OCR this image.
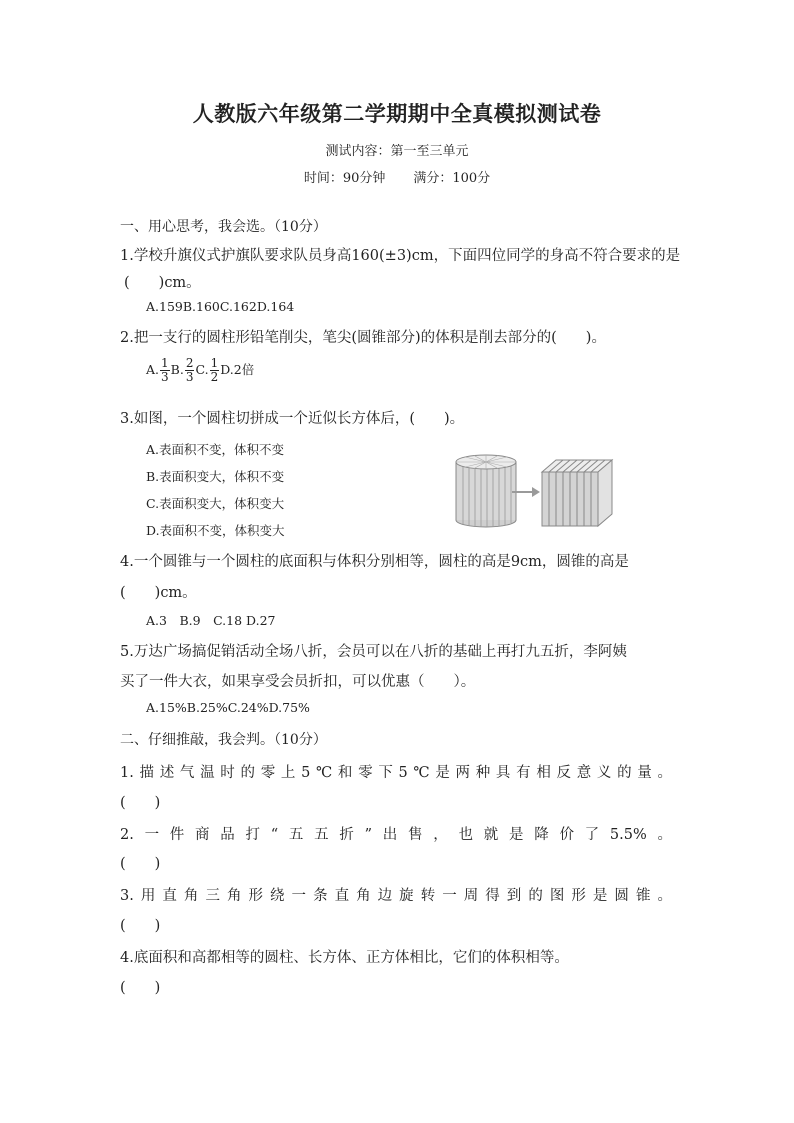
人教版六年级第二学期期中全真模拟测试卷
测试内容：第一至三单元
时间：90分钟 满分：100分
一、用心思考，我会选。（10分）
1.学校升旗仪式护旗队要求队员身高160(±3)cm，下面四位同学的身高不符合要求的是
(　　)cm。
A.159B.160C.162D.164
2.把一支行的圆柱形铅笔削尖，笔尖(圆锥部分)的体积是削去部分的(　　)。
A. $\frac{1}{3} B$. $\frac{2}{3} C$. $\frac{1}{2} D.2$倍
3.如图，一个圆柱切拼成一个近似长方体后，(　　)。
A.表面积不变，体积不变
B.表面积变大，体积不变
C.表面积变大，体积变大
D.表面积不变，体积变大
4.一个圆锥与一个圆柱的底面积与体积分别相等，圆柱的高是9cm，圆锥的高是
(　　)cm。
A.3　B.9　C.18 D.27
5.万达广场搞促销活动全场八折，会员可以在八折的基础上再打九五折，李阿姨
买了一件大衣，如果享受会员折扣，可以优惠（　　）。
A.15%B.25%C.24%D.75%
二、仔细推敲，我会判。（10分）
1.描述气温时的零上5℃和零下5℃是两种具有相反意义的量。
(　　)
2.一件商品打“五五折”出售，也就是降价了5.5%。
(　　)
3.用直角三角形绕一条直角边旋转一周得到的图形是圆锥。
(　　)
4.底面积和高都相等的圆柱、长方体、正方体相比，它们的体积相等。
(　　)
